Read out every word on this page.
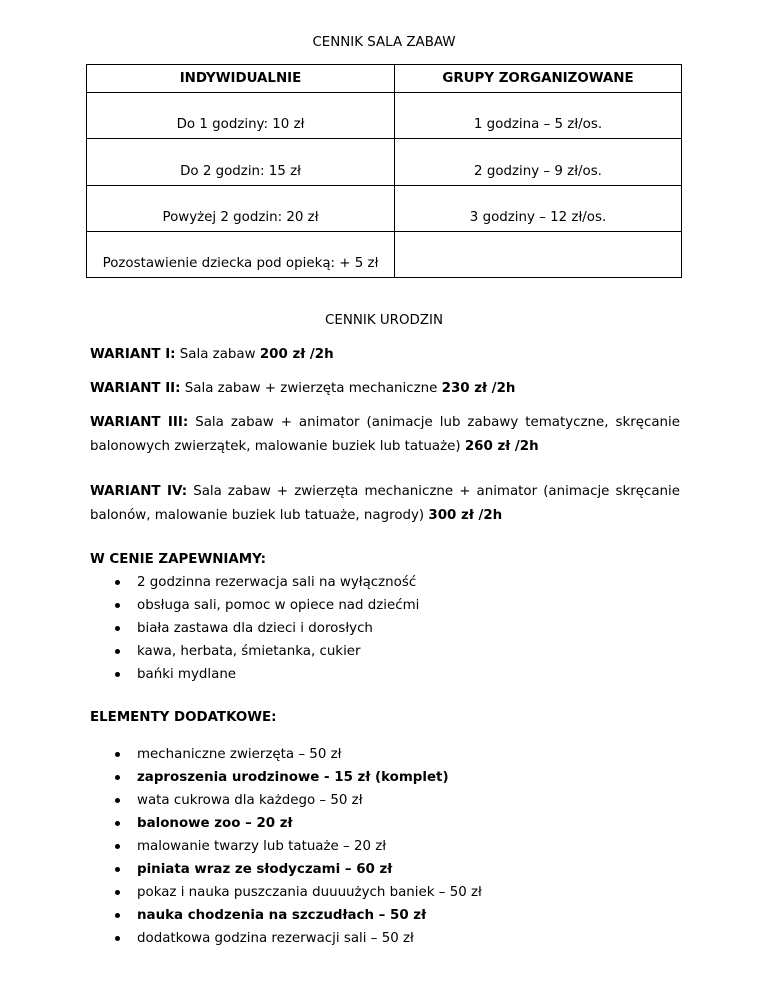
CENNIK SALA ZABAW
INDYWIDUALNIE	GRUPY ZORGANIZOWANE
Do 1 godziny: 10 zł	1 godzina – 5 zł/os.
Do 2 godzin: 15 zł	2 godziny – 9 zł/os.
Powyżej 2 godzin: 20 zł	3 godziny – 12 zł/os.
Pozostawienie dziecka pod opieką: + 5 zł	
CENNIK URODZIN
WARIANT I: Sala zabaw 200 zł /2h
WARIANT II: Sala zabaw + zwierzęta mechaniczne 230 zł /2h
WARIANT III: Sala zabaw + animator (animacje lub zabawy tematyczne, skręcanie balonowych zwierzątek, malowanie buziek lub tatuaże) 260 zł /2h
WARIANT IV: Sala zabaw + zwierzęta mechaniczne + animator (animacje skręcanie balonów, malowanie buziek lub tatuaże, nagrody) 300 zł /2h
W CENIE ZAPEWNIAMY:
2 godzinna rezerwacja sali na wyłączność
obsługa sali, pomoc w opiece nad dziećmi
biała zastawa dla dzieci i dorosłych
kawa, herbata, śmietanka, cukier
bańki mydlane
ELEMENTY DODATKOWE:
mechaniczne zwierzęta – 50 zł
zaproszenia urodzinowe - 15 zł (komplet)
wata cukrowa dla każdego – 50 zł
balonowe zoo – 20 zł
malowanie twarzy lub tatuaże – 20 zł
piniata wraz ze słodyczami – 60 zł
pokaz i nauka puszczania duuuużych baniek – 50 zł
nauka chodzenia na szczudłach – 50 zł
dodatkowa godzina rezerwacji sali – 50 zł
